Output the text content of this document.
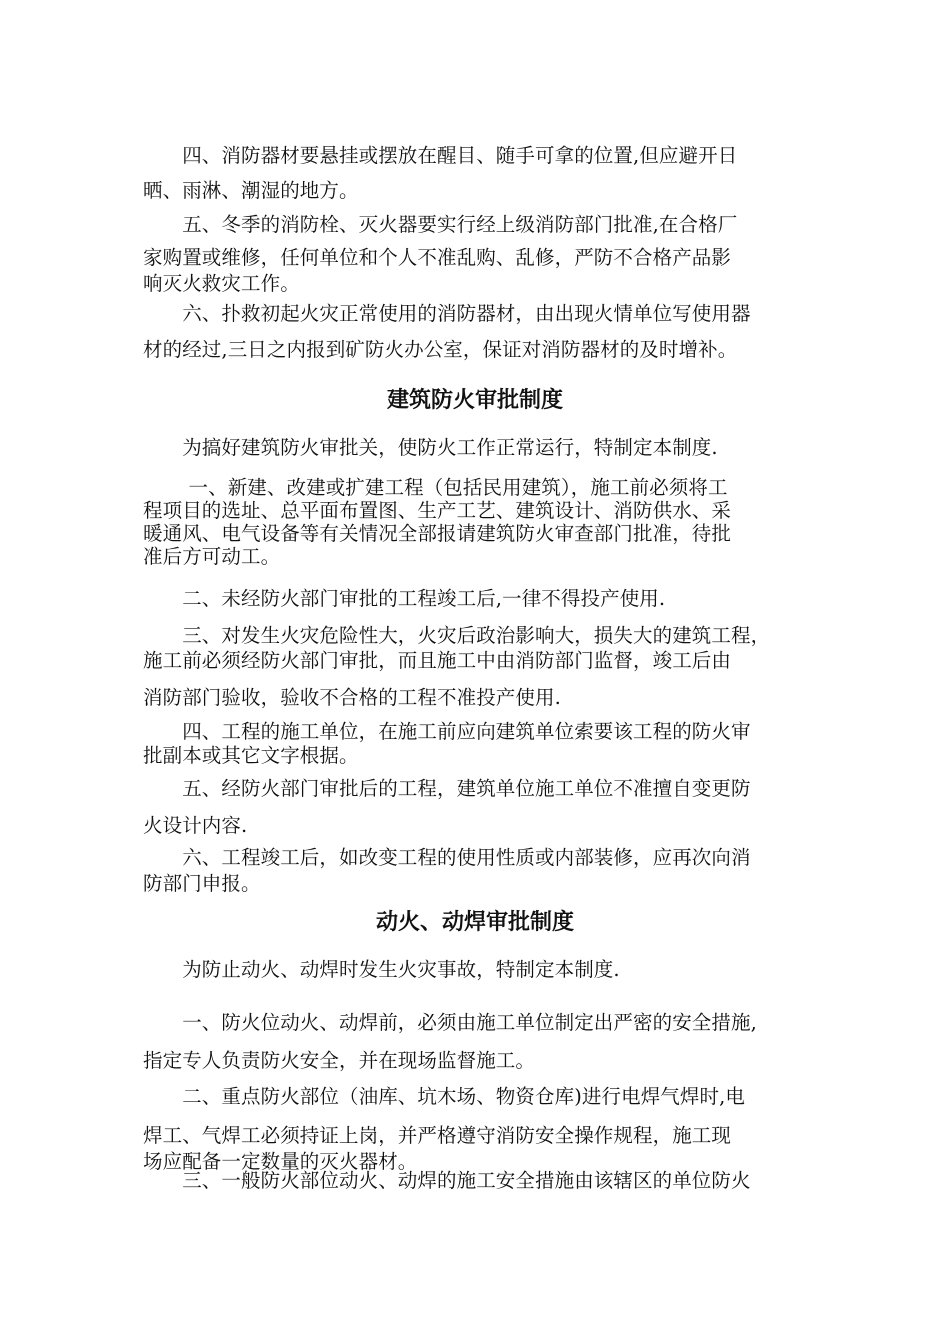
　　四、消防器材要悬挂或摆放在醒目、随手可拿的位置,但应避开日
晒、雨淋、潮湿的地方。
　　五、冬季的消防栓、灭火器要实行经上级消防部门批准,在合格厂
家购置或维修，任何单位和个人不准乱购、乱修，严防不合格产品影
响灭火救灾工作。
　　六、扑救初起火灾正常使用的消防器材，由出现火情单位写使用器
材的经过,三日之内报到矿防火办公室，保证对消防器材的及时增补。
建筑防火审批制度
　　为搞好建筑防火审批关，使防火工作正常运行，特制定本制度.
　　 一、新建、改建或扩建工程（包括民用建筑），施工前必须将工
程项目的选址、总平面布置图、生产工艺、建筑设计、消防供水、采
暖通风、电气设备等有关情况全部报请建筑防火审查部门批准，待批
准后方可动工。
　　二、未经防火部门审批的工程竣工后,一律不得投产使用.
　　三、对发生火灾危险性大，火灾后政治影响大，损失大的建筑工程，
施工前必须经防火部门审批，而且施工中由消防部门监督，竣工后由
消防部门验收，验收不合格的工程不准投产使用.
　　四、工程的施工单位，在施工前应向建筑单位索要该工程的防火审
批副本或其它文字根据。
　　五、经防火部门审批后的工程，建筑单位施工单位不准擅自变更防
火设计内容.
　　六、工程竣工后，如改变工程的使用性质或内部装修，应再次向消
防部门申报。
动火、动焊审批制度
　　为防止动火、动焊时发生火灾事故，特制定本制度.
　　一、防火位动火、动焊前，必须由施工单位制定出严密的安全措施,
指定专人负责防火安全，并在现场监督施工。
　　二、重点防火部位（油库、坑木场、物资仓库)进行电焊气焊时,电
焊工、气焊工必须持证上岗，并严格遵守消防安全操作规程，施工现
场应配备一定数量的灭火器材。
　　三、一般防火部位动火、动焊的施工安全措施由该辖区的单位防火
